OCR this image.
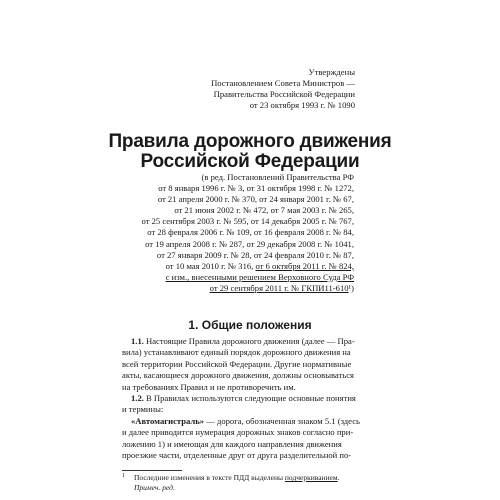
Утверждены
Постановлением Совета Министров —
Правительства Российской Федерации
от 23 октября 1993 г. № 1090
Правила дорожного движения
Российской Федерации
(в ред. Постановлений Правительства РФ
от 8 января 1996 г. № 3, от 31 октября 1998 г. № 1272,
от 21 апреля 2000 г. № 370, от 24 января 2001 г. № 67,
от 21 июня 2002 г. № 472, от 7 мая 2003 г. № 265,
от 25 сентября 2003 г. № 595, от 14 декабря 2005 г. № 767,
от 28 февраля 2006 г. № 109, от 16 февраля 2008 г. № 84,
от 19 апреля 2008 г. № 287, от 29 декабря 2008 г. № 1041,
от 27 января 2009 г. № 28, от 24 февраля 2010 г. № 87,
от 10 мая 2010 г. № 316, от 6 октября 2011 г. № 824,
с изм., внесенными решением Верховного Суда РФ
от 29 сентября 2011 г. № ГКПИ11-610¹)
1. Общие положения
1.1. Настоящие Правила дорожного движения (далее — Пра-
вила) устанавливают единый порядок дорожного движения на
всей территории Российской Федерации. Другие нормативные
акты, касающиеся дорожного движения, должны основываться
на требованиях Правил и не противоречить им.
1.2. В Правилах используются следующие основные понятия
и термины:
«Автомагистраль» — дорога, обозначенная знаком 5.1 (здесь
и далее приводится нумерация дорожных знаков согласно при-
ложению 1) и имеющая для каждого направления движения
проезжие части, отделенные друг от друга разделительной по-
1	Последние изменения в тексте ПДД выделены подчеркиванием.
Примеч. ред.
